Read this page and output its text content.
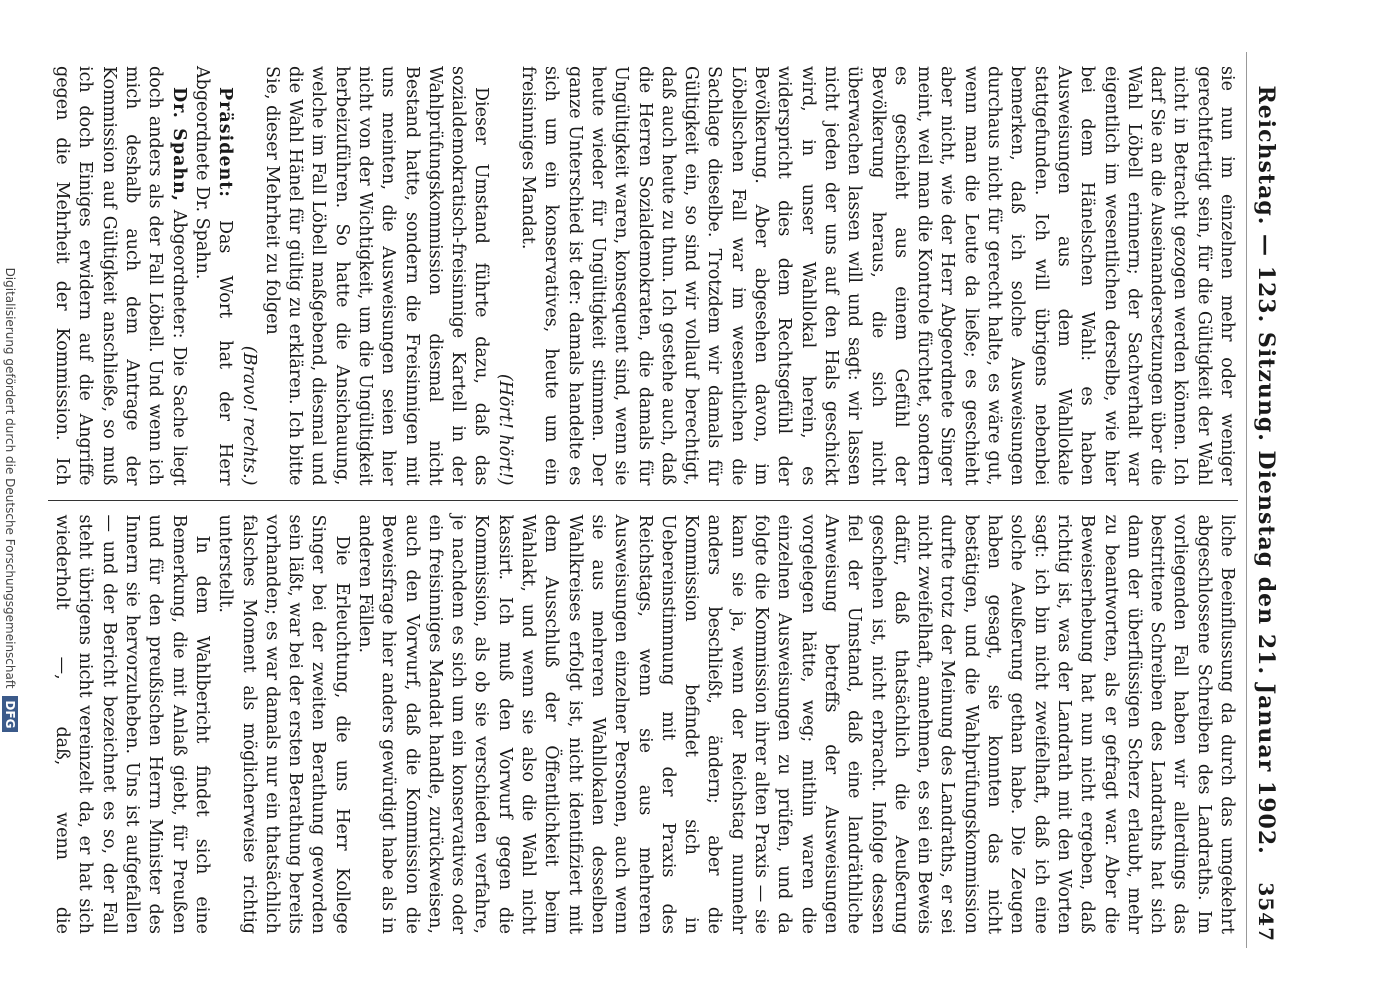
Reichstag. — 123. Sitzung. Dienstag den 21. Januar 1902.
3547

sie nun im einzelnen mehr oder weniger gerechtfertigt sein, für die Gültigkeit der Wahl nicht in Betracht gezogen werden können. Ich darf Sie an die Auseinandersetzungen über die Wahl Löbell erinnern; der Sachverhalt war eigentlich im wesentlichen derselbe, wie hier bei dem Hänelschen Wahl: es haben Ausweisungen aus dem Wahllokale stattgefunden. Ich will übrigens nebenbei bemerken, daß ich solche Ausweisungen durchaus nicht für gerecht halte, es wäre gut, wenn man die Leute da ließe; es geschieht aber nicht, wie der Herr Abgeordnete Singer meint, weil man die Kontrole fürchtet, sondern es geschieht aus einem Gefühl der Bevölkerung heraus, die sich nicht überwachen lassen will und sagt: wir lassen nicht jeden der uns auf den Hals geschickt wird, in unser Wahllokal herein, es widerspricht dies dem Rechtsgefühl der Bevölkerung. Aber abgesehen davon, im Löbellschen Fall war im wesentlichen die Sachlage dieselbe. Trotzdem wir damals für Gültigkeit ein, so sind wir vollauf berechtigt, daß auch heute zu thun. Ich gestehe auch, daß die Herren Sozialdemokraten, die damals für Ungültigkeit waren, konsequent sind, wenn sie heute wieder für Ungültigkeit stimmen. Der ganze Unterschied ist der: damals handelte es sich um ein konservatives, heute um ein freisinniges Mandat.

(Hört! hört!)

Dieser Umstand führte dazu, daß das sozialdemokratisch-freisinnige Kartell in der Wahlprüfungskommission diesmal nicht Bestand hatte, sondern die Freisinnigen mit uns meinten, die Ausweisungen seien hier nicht von der Wichtigkeit, um die Ungültigkeit herbeizuführen. So hatte die Ansichauung, welche im Fall Löbell maßgebend, diesmal und die Wahl Hänel für gültig zu erklären. Ich bitte Sie, dieser Mehrheit zu folgen

(Bravo! rechts.)

Präsident: Das Wort hat der Herr Abgeordnete Dr. Spahn.

Dr. Spahn, Abgeordneter: Die Sache liegt doch anders als der Fall Löbell. Und wenn ich mich deshalb auch dem Antrage der Kommission auf Gültigkeit anschließe, so muß ich doch Einiges erwidern auf die Angriffe gegen die Mehrheit der Kommission. Ich

liche Beeinflussung da durch das umgekehrt abgeschlossene Schreiben des Landraths. Im vorliegenden Fall haben wir allerdings das bestrittene Schreiben des Landraths hat sich dann der überflüssigen Scherz erlaubt, mehr zu beantworten, als er gefragt war. Aber die Beweiserhebung hat nun nicht ergeben, daß richtig ist, was der Landrath mit den Worten sagt: ich bin nicht zweifelhaft, daß ich eine solche Aeußerung gethan habe. Die Zeugen haben gesagt, sie konnten das nicht bestätigen, und die Wahlprüfungskommission durfte trotz der Meinung des Landraths, er sei nicht zweifelhaft, annehmen, es sei ein Beweis dafür, daß thatsächlich die Aeußerung geschehen ist, nicht erbracht. Infolge dessen fiel der Umstand, daß eine landräthliche Anweisung betreffs der Ausweisungen vorgelegen hätte, weg; mithin waren die einzelnen Ausweisungen zu prüfen, und da folgte die Kommission ihrer alten Praxis — sie kann sie ja, wenn der Reichstag nunmehr anders beschließt, ändern; aber die Kommission befindet sich in Uebereinstimmung mit der Praxis des Reichstags, wenn sie aus mehreren Ausweisungen einzelner Personen, auch wenn sie aus mehreren Wahllokalen desselben Wahlkreises erfolgt ist, nicht identifiziert mit dem Ausschluß der Öffentlichkeit beim Wahlakt, und wenn sie also die Wahl nicht kassirt. Ich muß den Vorwurf gegen die Kommission, als ob sie verschieden verfahre, je nachdem es sich um ein konservatives oder ein freisinniges Mandat handle, zurückweisen, auch den Vorwurf, daß die Kommission die Beweisfrage hier anders gewürdigt habe als in anderen Fällen.

Die Erleuchtung, die uns Herr Kollege Singer bei der zweiten Berathung geworden sein läßt, war bei der ersten Berathung bereits vorhanden; es war damals nur ein thatsächlich falsches Moment als möglicherweise richtig unterstellt.

In dem Wahlbericht findet sich eine Bemerkung, die mit Anlaß giebt, für Preußen und für den preußischen Herrn Minister des Innern sie hervorzuheben. Uns ist aufgefallen — und der Bericht bezeichnet es so, der Fall steht übrigens nicht vereinzelt da, er hat sich wiederholt —, daß, wenn die

Digitalisierung gefördert durch die Deutsche Forschungsgemeinschaft DFG
